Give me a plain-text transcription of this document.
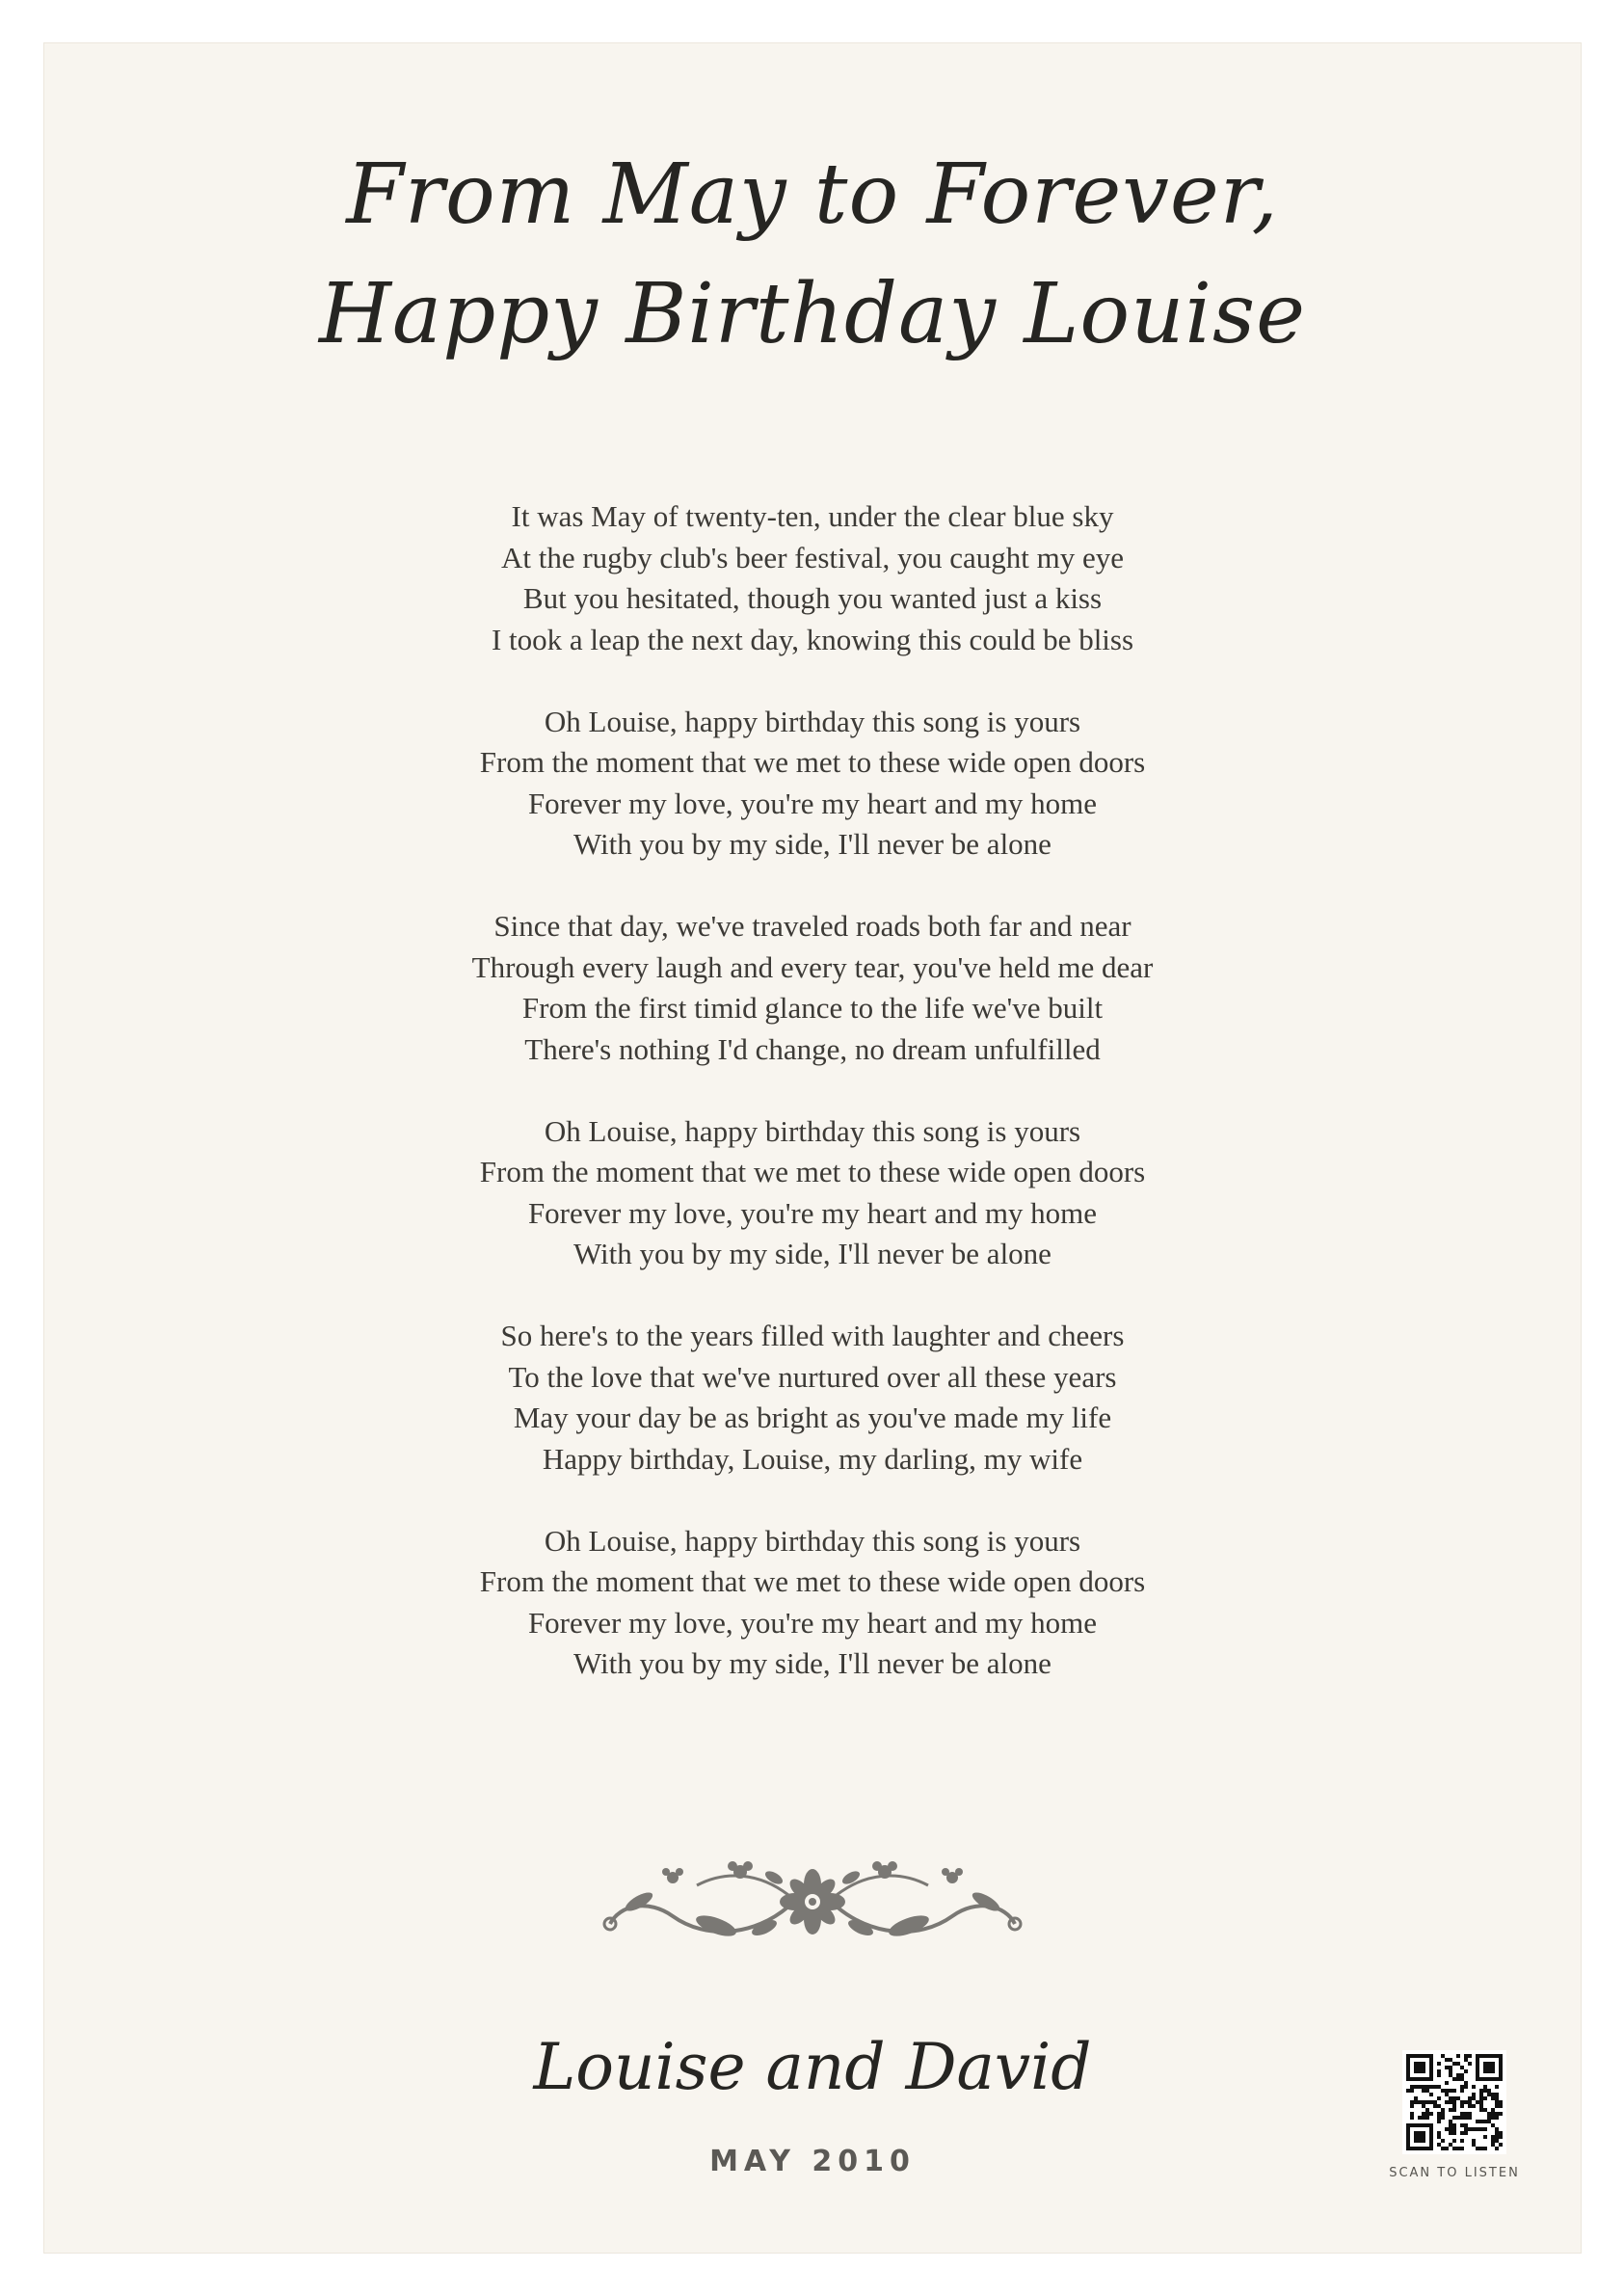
From May to Forever, Happy Birthday Louise
It was May of twenty-ten, under the clear blue sky
At the rugby club's beer festival, you caught my eye
But you hesitated, though you wanted just a kiss
I took a leap the next day, knowing this could be bliss
Oh Louise, happy birthday this song is yours
From the moment that we met to these wide open doors
Forever my love, you're my heart and my home
With you by my side, I'll never be alone
Since that day, we've traveled roads both far and near
Through every laugh and every tear, you've held me dear
From the first timid glance to the life we've built
There's nothing I'd change, no dream unfulfilled
Oh Louise, happy birthday this song is yours
From the moment that we met to these wide open doors
Forever my love, you're my heart and my home
With you by my side, I'll never be alone
So here's to the years filled with laughter and cheers
To the love that we've nurtured over all these years
May your day be as bright as you've made my life
Happy birthday, Louise, my darling, my wife
Oh Louise, happy birthday this song is yours
From the moment that we met to these wide open doors
Forever my love, you're my heart and my home
With you by my side, I'll never be alone
Louise and David
MAY 2010	SCAN TO LISTEN
